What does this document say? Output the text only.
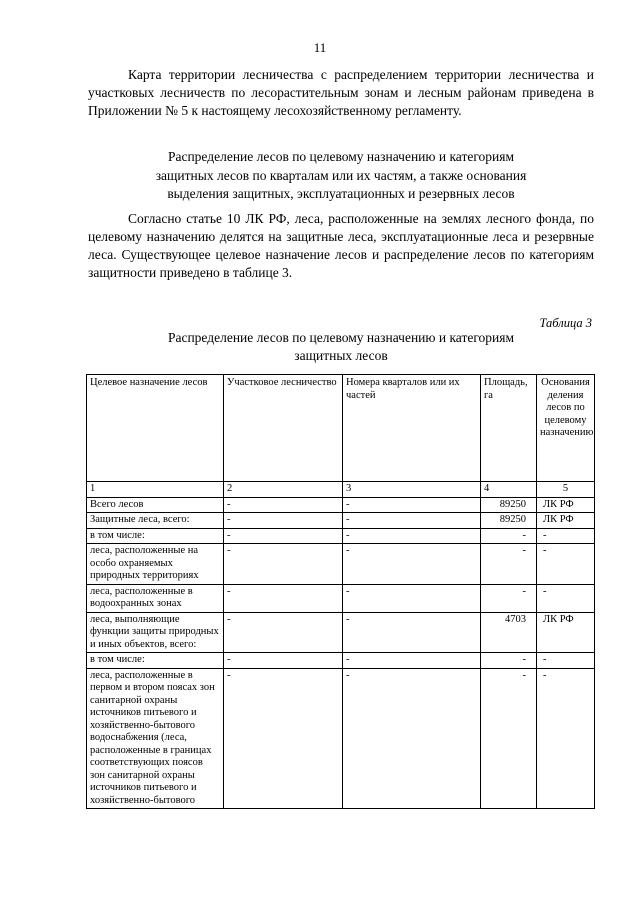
11

Карта территории лесничества с распределением территории лесничества и участковых лесничеств по лесорастительным зонам и лесным районам приведена в Приложении № 5 к настоящему лесохозяйственному регламенту.

Распределение лесов по целевому назначению и категориям
защитных лесов по кварталам или их частям, а также основания
выделения защитных, эксплуатационных и резервных лесов

Согласно статье 10 ЛК РФ, леса, расположенные на землях лесного фонда, по целевому назначению делятся на защитные леса, эксплуатационные леса и резервные леса. Существующее целевое назначение лесов и распределение лесов по категориям защитности приведено в таблице 3.

Таблица 3
Распределение лесов по целевому назначению и категориям
защитных лесов
Целевое назначение лесов	Участковое лесничество	Номера кварталов или их частей	Площадь, га	Основания деления лесов по целевому назначению
1	2	3	4	5
Всего лесов	-	-	89250	ЛК РФ
Защитные леса, всего:	-	-	89250	ЛК РФ
в том числе:	-	-	-	-
леса, расположенные на особо охраняемых природных территориях	-	-	-	-
леса, расположенные в водоохранных зонах	-	-	-	-
леса, выполняющие функции защиты природных и иных объектов, всего:	-	-	4703	ЛК РФ
в том числе:	-	-	-	-
леса, расположенные в первом и втором поясах зон санитарной охраны источников питьевого и хозяйственно-бытового водоснабжения (леса, расположенные в границах соответствующих поясов зон санитарной охраны источников питьевого и хозяйственно-бытового	-	-	-	-
